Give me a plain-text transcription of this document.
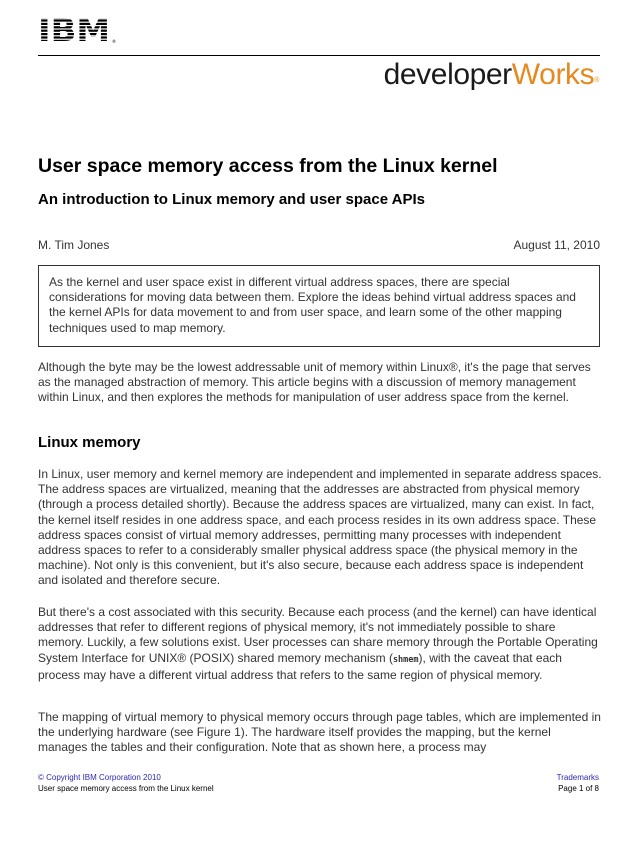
®
developerWorks®
User space memory access from the Linux kernel
An introduction to Linux memory and user space APIs
M. Tim Jones	August 11, 2010
As the kernel and user space exist in different virtual address spaces, there are special considerations for moving data between them. Explore the ideas behind virtual address spaces and the kernel APIs for data movement to and from user space, and learn some of the other mapping techniques used to map memory.

Although the byte may be the lowest addressable unit of memory within Linux®, it's the page that serves as the managed abstraction of memory. This article begins with a discussion of memory management within Linux, and then explores the methods for manipulation of user address space from the kernel.

Linux memory

In Linux, user memory and kernel memory are independent and implemented in separate address spaces. The address spaces are virtualized, meaning that the addresses are abstracted from physical memory (through a process detailed shortly). Because the address spaces are virtualized, many can exist. In fact, the kernel itself resides in one address space, and each process resides in its own address space. These address spaces consist of virtual memory addresses, permitting many processes with independent address spaces to refer to a considerably smaller physical address space (the physical memory in the machine). Not only is this convenient, but it's also secure, because each address space is independent and isolated and therefore secure.

But there's a cost associated with this security. Because each process (and the kernel) can have identical addresses that refer to different regions of physical memory, it's not immediately possible to share memory. Luckily, a few solutions exist. User processes can share memory through the Portable Operating System Interface for UNIX® (POSIX) shared memory mechanism (shmem), with the caveat that each process may have a different virtual address that refers to the same region of physical memory.

The mapping of virtual memory to physical memory occurs through page tables, which are implemented in the underlying hardware (see Figure 1). The hardware itself provides the mapping, but the kernel manages the tables and their configuration. Note that as shown here, a process may

© Copyright IBM Corporation 2010
User space memory access from the Linux kernel
Trademarks
Page 1 of 8
